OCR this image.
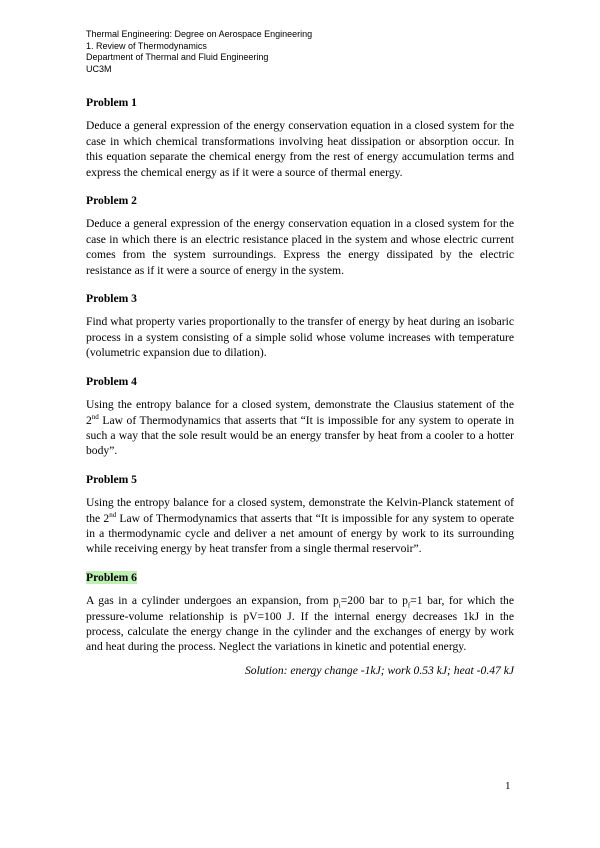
Thermal Engineering: Degree on Aerospace Engineering
1. Review of Thermodynamics
Department of Thermal and Fluid Engineering
UC3M

Problem 1

Deduce a general expression of the energy conservation equation in a closed system for the case in which chemical transformations involving heat dissipation or absorption occur. In this equation separate the chemical energy from the rest of energy accumulation terms and express the chemical energy as if it were a source of thermal energy.

Problem 2

Deduce a general expression of the energy conservation equation in a closed system for the case in which there is an electric resistance placed in the system and whose electric current comes from the system surroundings. Express the energy dissipated by the electric resistance as if it were a source of energy in the system.

Problem 3

Find what property varies proportionally to the transfer of energy by heat during an isobaric process in a system consisting of a simple solid whose volume increases with temperature (volumetric expansion due to dilation).

Problem 4

Using the entropy balance for a closed system, demonstrate the Clausius statement of the 2nd Law of Thermodynamics that asserts that “It is impossible for any system to operate in such a way that the sole result would be an energy transfer by heat from a cooler to a hotter body”.

Problem 5

Using the entropy balance for a closed system, demonstrate the Kelvin-Planck statement of the 2nd Law of Thermodynamics that asserts that “It is impossible for any system to operate in a thermodynamic cycle and deliver a net amount of energy by work to its surrounding while receiving energy by heat transfer from a single thermal reservoir”.

Problem 6

A gas in a cylinder undergoes an expansion, from $p_i=200$ bar to $p_f=1$ bar, for which the pressure-volume relationship is pV=100 J. If the internal energy decreases 1kJ in the process, calculate the energy change in the cylinder and the exchanges of energy by work and heat during the process. Neglect the variations in kinetic and potential energy.

Solution: energy change -1kJ; work 0.53 kJ; heat -0.47 kJ
1
